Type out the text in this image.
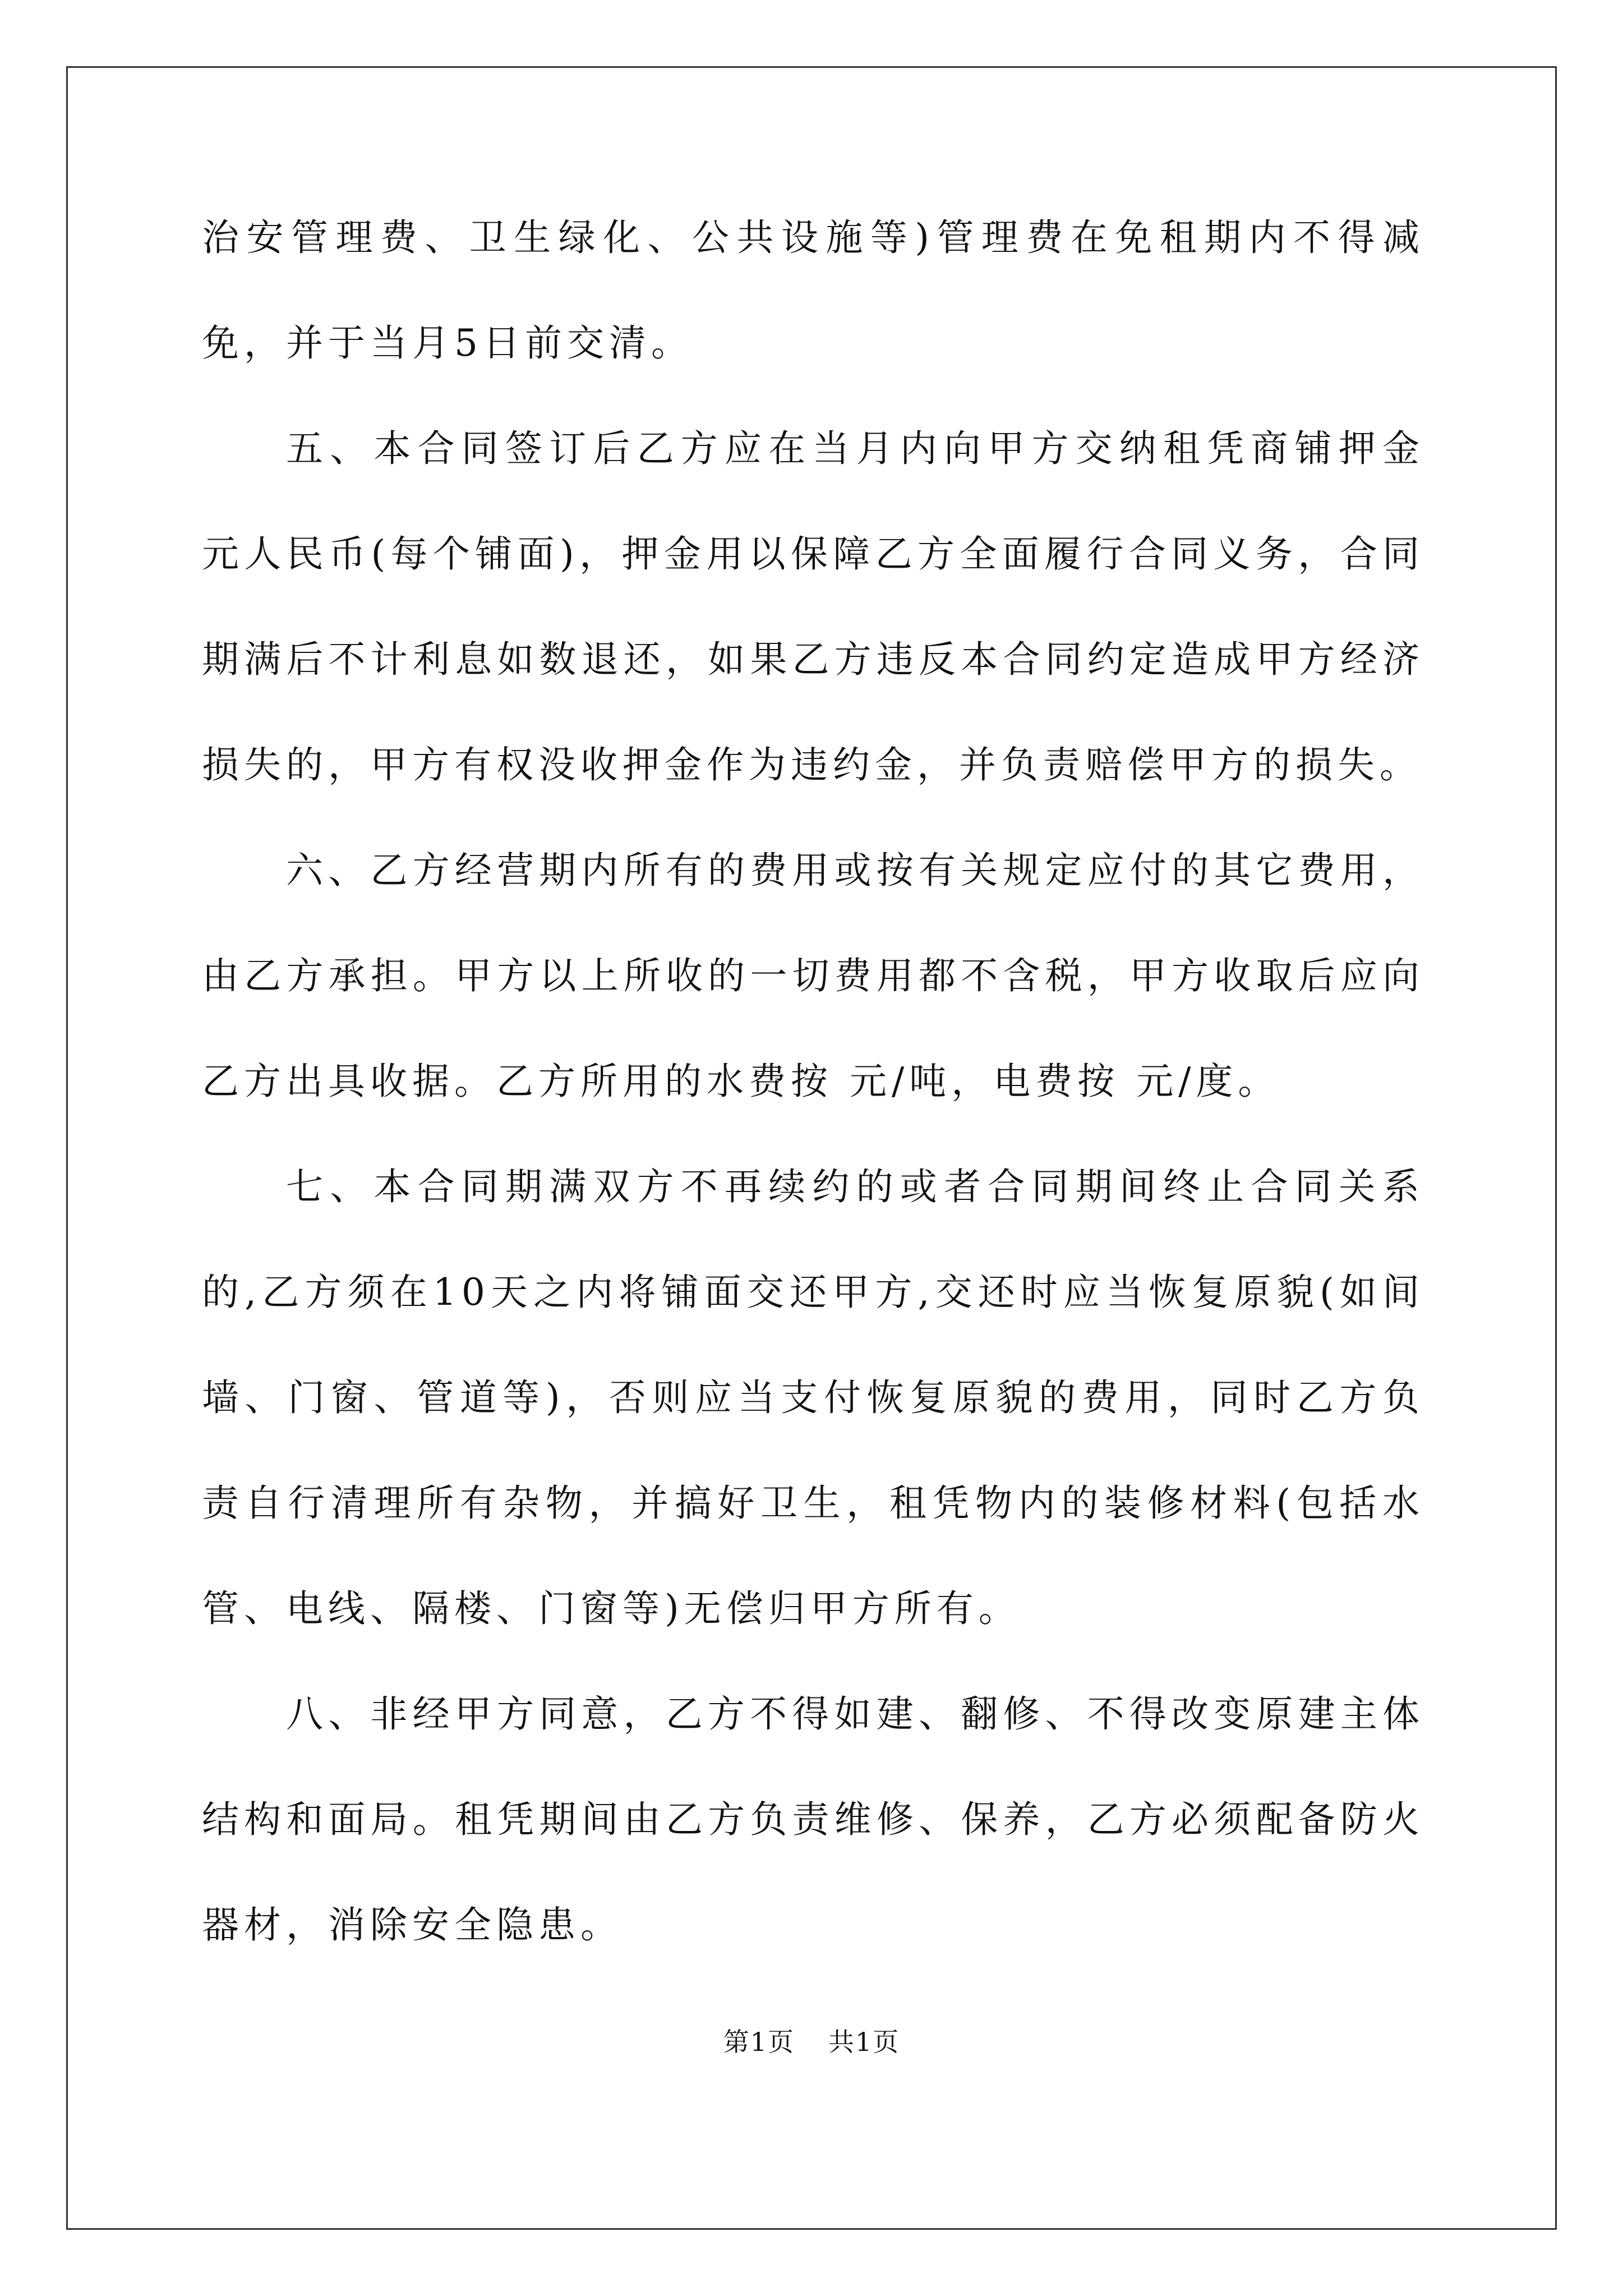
治安管理费、卫生绿化、公共设施等)管理费在免租期内不得减免，并于当月5日前交清。

五、本合同签订后乙方应在当月内向甲方交纳租凭商铺押金 元人民币(每个铺面)，押金用以保障乙方全面履行合同义务，合同期满后不计利息如数退还，如果乙方违反本合同约定造成甲方经济损失的，甲方有权没收押金作为违约金，并负责赔偿甲方的损失。

六、乙方经营期内所有的费用或按有关规定应付的其它费用，由乙方承担。甲方以上所收的一切费用都不含税，甲方收取后应向乙方出具收据。乙方所用的水费按 元/吨，电费按 元/度。

七、本合同期满双方不再续约的或者合同期间终止合同关系的,乙方须在10天之内将铺面交还甲方,交还时应当恢复原貌(如间墙、门窗、管道等)，否则应当支付恢复原貌的费用，同时乙方负责自行清理所有杂物，并搞好卫生，租凭物内的装修材料(包括水管、电线、隔楼、门窗等)无偿归甲方所有。

八、非经甲方同意，乙方不得如建、翻修、不得改变原建主体结构和面局。租凭期间由乙方负责维修、保养，乙方必须配备防火器材，消除安全隐患。

第1页 共1页
